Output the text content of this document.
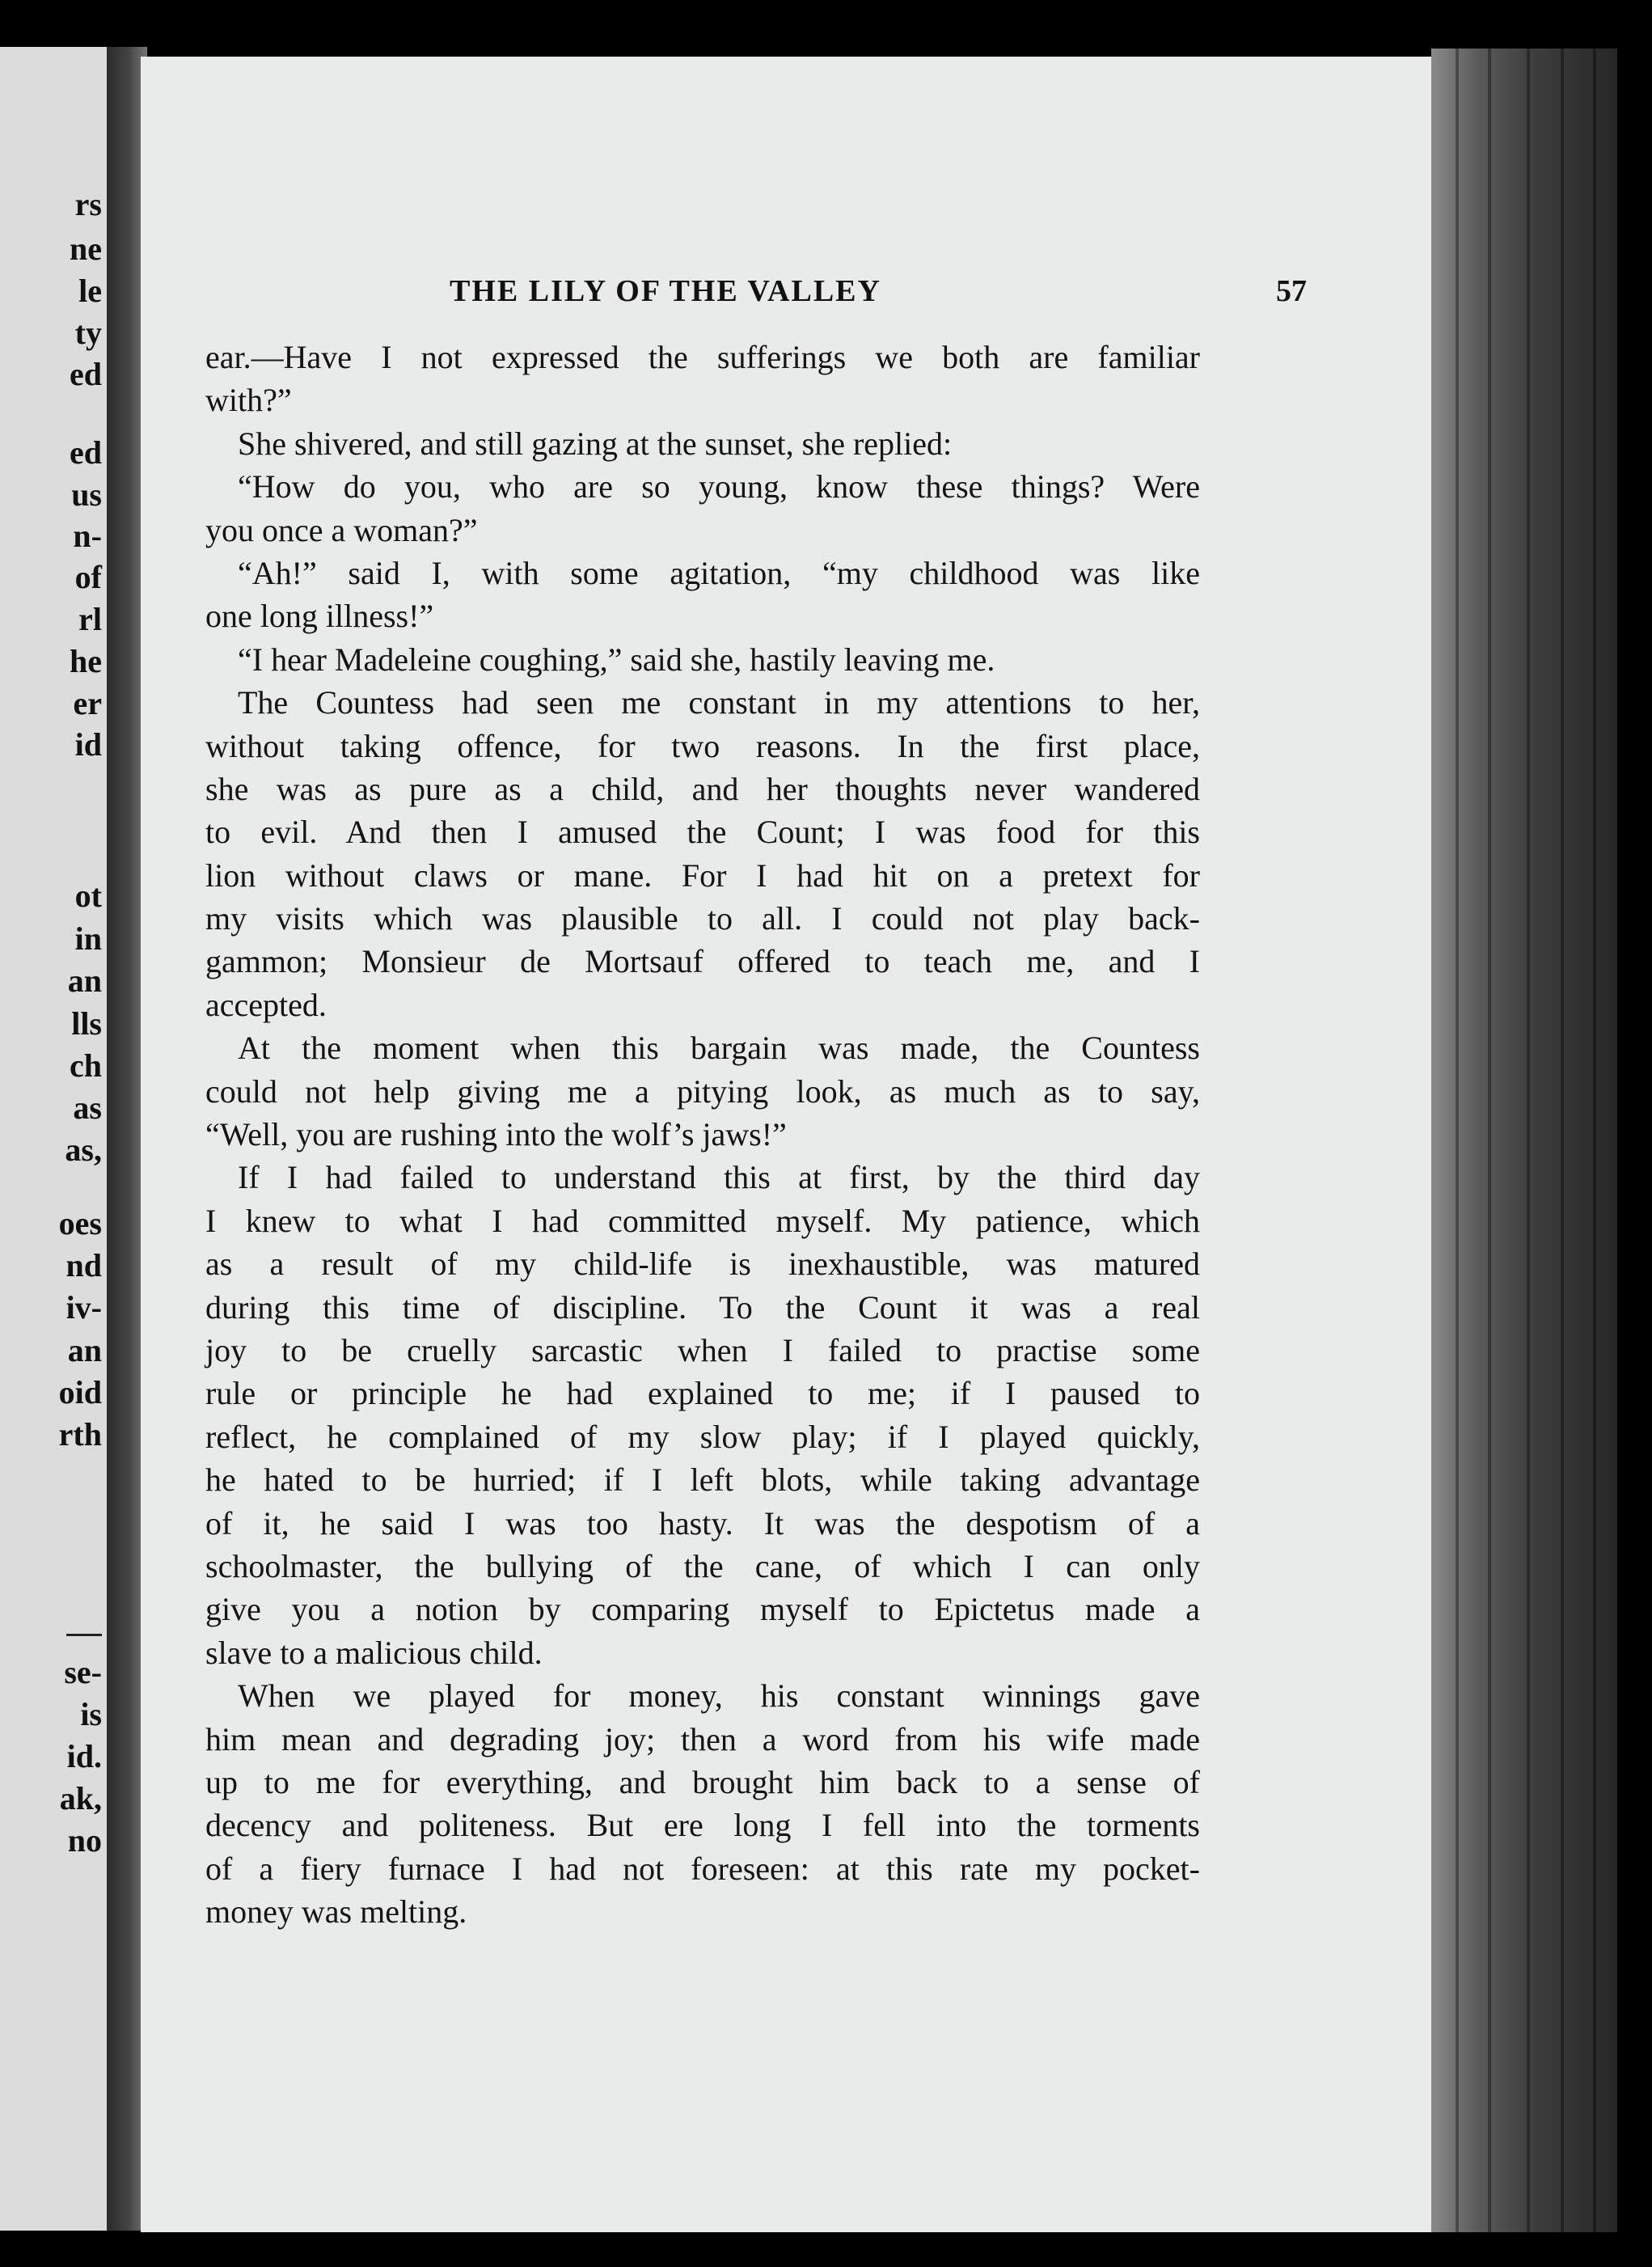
rs
ne
le
ty
ed
ed
us
n-
of
rl
he
er
id
ot
in
an
lls
ch
as
as,
oes
nd
iv-
an
oid
rth
se-
is
id.
ak,
no
THE LILY OF THE VALLEY	57
ear.—Have I not expressed the sufferings we both are familiar
with?”
She shivered, and still gazing at the sunset, she replied:
“How do you, who are so young, know these things? Were
you once a woman?”
“Ah!” said I, with some agitation, “my childhood was like
one long illness!”
“I hear Madeleine coughing,” said she, hastily leaving me.
The Countess had seen me constant in my attentions to her,
without taking offence, for two reasons. In the first place,
she was as pure as a child, and her thoughts never wandered
to evil. And then I amused the Count; I was food for this
lion without claws or mane. For I had hit on a pretext for
my visits which was plausible to all. I could not play back-
gammon; Monsieur de Mortsauf offered to teach me, and I
accepted.
At the moment when this bargain was made, the Countess
could not help giving me a pitying look, as much as to say,
“Well, you are rushing into the wolf’s jaws!”
If I had failed to understand this at first, by the third day
I knew to what I had committed myself. My patience, which
as a result of my child-life is inexhaustible, was matured
during this time of discipline. To the Count it was a real
joy to be cruelly sarcastic when I failed to practise some
rule or principle he had explained to me; if I paused to
reflect, he complained of my slow play; if I played quickly,
he hated to be hurried; if I left blots, while taking advantage
of it, he said I was too hasty. It was the despotism of a
schoolmaster, the bullying of the cane, of which I can only
give you a notion by comparing myself to Epictetus made a
slave to a malicious child.
When we played for money, his constant winnings gave
him mean and degrading joy; then a word from his wife made
up to me for everything, and brought him back to a sense of
decency and politeness. But ere long I fell into the torments
of a fiery furnace I had not foreseen: at this rate my pocket-
money was melting.
